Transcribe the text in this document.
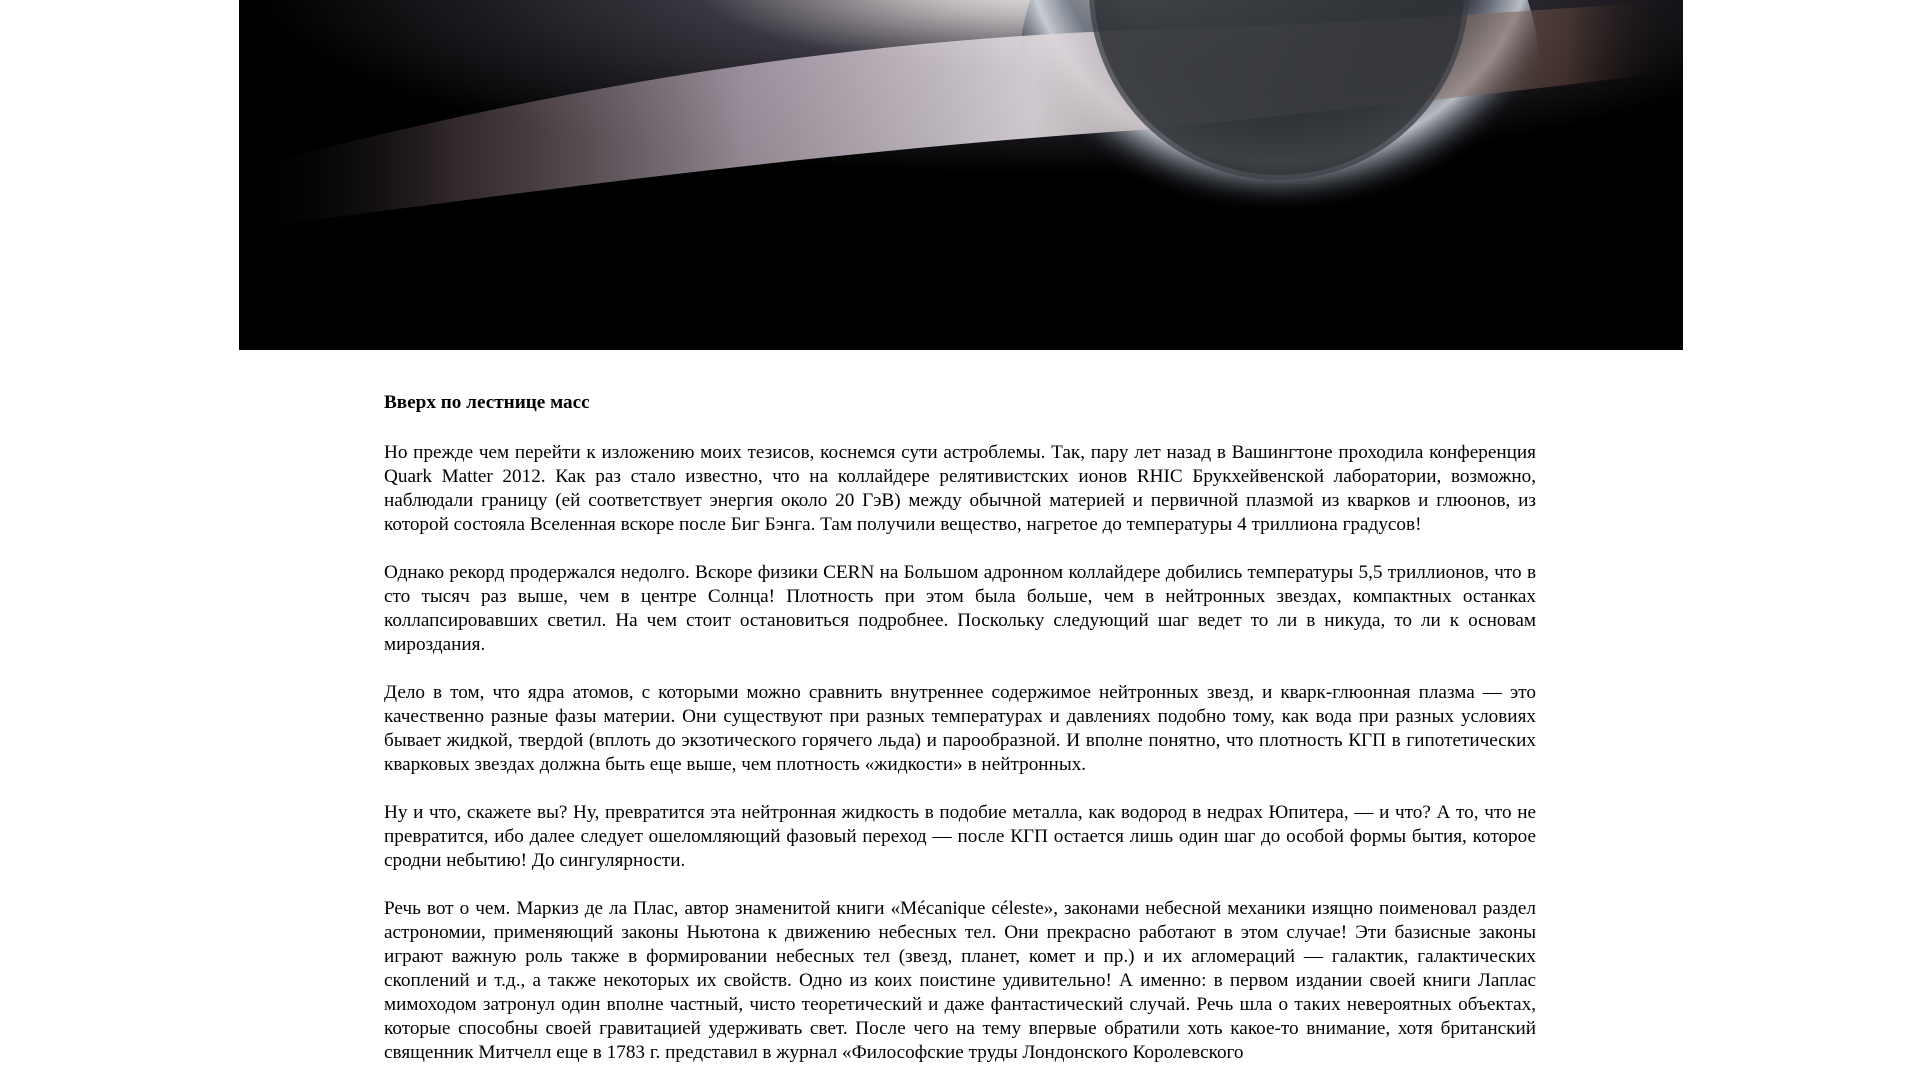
Вверх по лестнице масс

Но прежде чем перейти к изложению моих тезисов, коснемся сути астроблемы. Так, пару лет назад в Вашингтоне проходила конференция Quark Matter 2012. Как раз стало известно, что на коллайдере релятивистских ионов RHIC Брукхейвенской лаборатории, возможно, наблюдали границу (ей соответствует энергия около 20 ГэВ) между обычной материей и первичной плазмой из кварков и глюонов, из которой состояла Вселенная вскоре после Биг Бэнга. Там получили вещество, нагретое до температуры 4 триллиона градусов!

Однако рекорд продержался недолго. Вскоре физики CERN на Большом адронном коллайдере добились температуры 5,5 триллионов, что в сто тысяч раз выше, чем в центре Солнца! Плотность при этом была больше, чем в нейтронных звездах, компактных останках коллапсировавших светил. На чем стоит остановиться подробнее. Поскольку следующий шаг ведет то ли в никуда, то ли к основам мироздания.

Дело в том, что ядра атомов, с которыми можно сравнить внутреннее содержимое нейтронных звезд, и кварк-глюонная плазма — это качественно разные фазы материи. Они существуют при разных температурах и давлениях подобно тому, как вода при разных условиях бывает жидкой, твердой (вплоть до экзотического горячего льда) и парообразной. И вполне понятно, что плотность КГП в гипотетических кварковых звездах должна быть еще выше, чем плотность «жидкости» в нейтронных.

Ну и что, скажете вы? Ну, превратится эта нейтронная жидкость в подобие металла, как водород в недрах Юпитера, — и что? А то, что не превратится, ибо далее следует ошеломляющий фазовый переход — после КГП остается лишь один шаг до особой формы бытия, которое сродни небытию! До сингулярности.

Речь вот о чем. Маркиз де ла Плас, автор знаменитой книги «Mécanique céleste», законами небесной механики изящно поименовал раздел астрономии, применяющий законы Ньютона к движению небесных тел. Они прекрасно работают в этом случае! Эти базисные законы играют важную роль также в формировании небесных тел (звезд, планет, комет и пр.) и их агломераций — галактик, галактических скоплений и т.д., а также некоторых их свойств. Одно из коих поистине удивительно! А именно: в первом издании своей книги Лаплас мимоходом затронул один вполне частный, чисто теоретический и даже фантастический случай. Речь шла о таких невероятных объектах, которые способны своей гравитацией удерживать свет. После чего на тему впервые обратили хоть какое-то внимание, хотя британский священник Митчелл еще в 1783 г. представил в журнал «Философские труды Лондонского Королевского
